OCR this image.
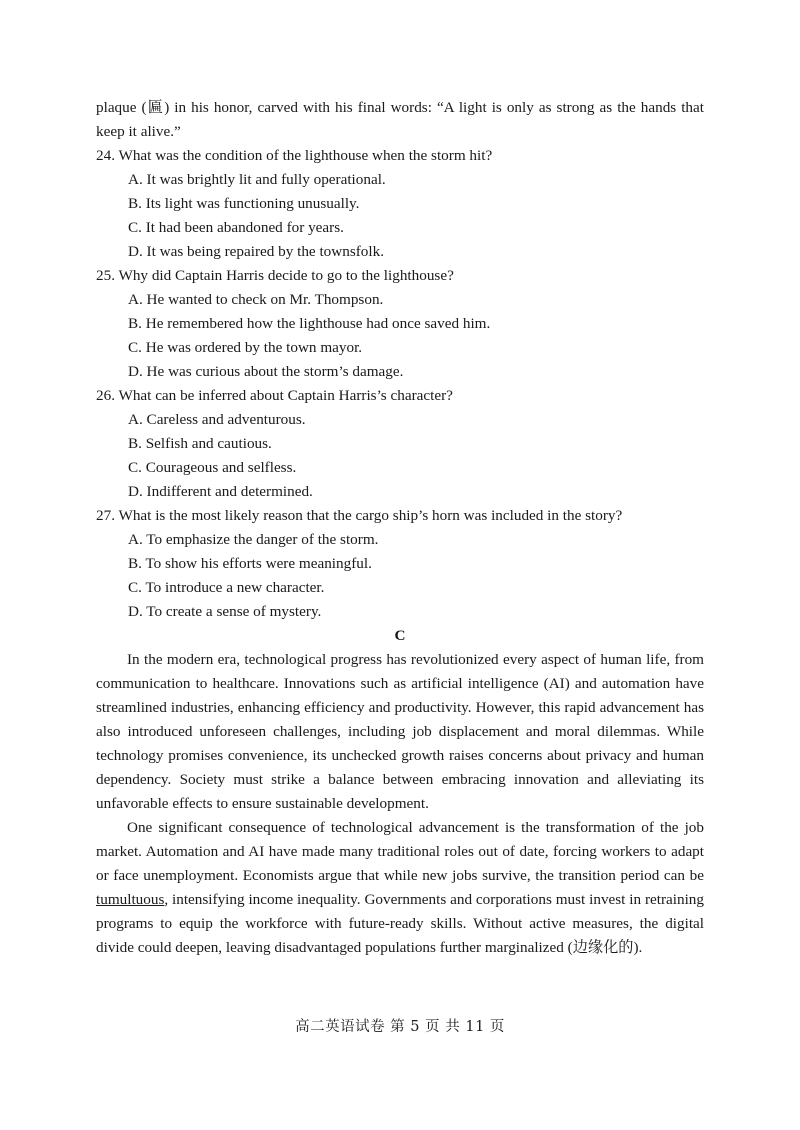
plaque (匾) in his honor, carved with his final words: “A light is only as strong as the hands that keep it alive.”

24. What was the condition of the lighthouse when the storm hit?

A. It was brightly lit and fully operational.

B. Its light was functioning unusually.

C. It had been abandoned for years.

D. It was being repaired by the townsfolk.

25. Why did Captain Harris decide to go to the lighthouse?

A. He wanted to check on Mr. Thompson.

B. He remembered how the lighthouse had once saved him.

C. He was ordered by the town mayor.

D. He was curious about the storm’s damage.

26. What can be inferred about Captain Harris’s character?

A. Careless and adventurous.

B. Selfish and cautious.

C. Courageous and selfless.

D. Indifferent and determined.

27. What is the most likely reason that the cargo ship’s horn was included in the story?

A. To emphasize the danger of the storm.

B. To show his efforts were meaningful.

C. To introduce a new character.

D. To create a sense of mystery.

C

In the modern era, technological progress has revolutionized every aspect of human life, from communication to healthcare. Innovations such as artificial intelligence (AI) and automation have streamlined industries, enhancing efficiency and productivity. However, this rapid advancement has also introduced unforeseen challenges, including job displacement and moral dilemmas. While technology promises convenience, its unchecked growth raises concerns about privacy and human dependency. Society must strike a balance between embracing innovation and alleviating its unfavorable effects to ensure sustainable development.

One significant consequence of technological advancement is the transformation of the job market. Automation and AI have made many traditional roles out of date, forcing workers to adapt or face unemployment. Economists argue that while new jobs survive, the transition period can be tumultuous, intensifying income inequality. Governments and corporations must invest in retraining programs to equip the workforce with future-ready skills. Without active measures, the digital divide could deepen, leaving disadvantaged populations further marginalized (边缘化的).

高二英语试卷 第 5 页 共 11 页
